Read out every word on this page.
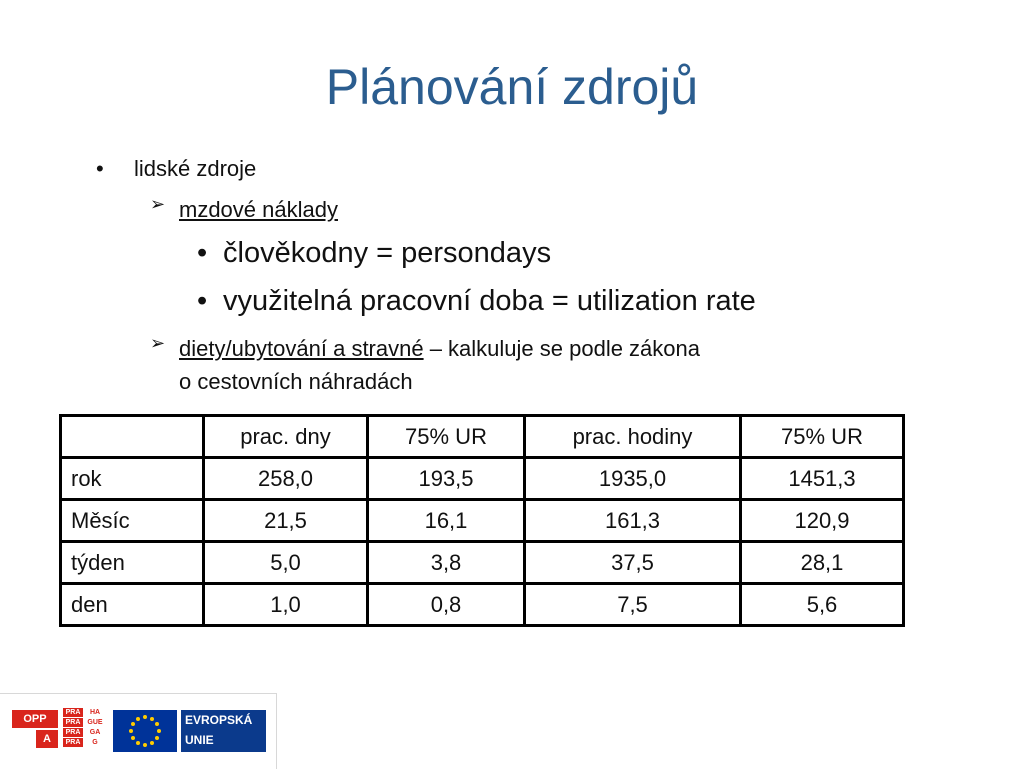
Plánování zdrojů
• lidské zdroje
➢ mzdové náklady
• člověkodny = persondays
• využitelná pracovní doba = utilization rate
➢ diety/ubytování a stravné – kalkuluje se podle zákona
o cestovních náhradách
	prac. dny	75% UR	prac. hodiny	75% UR
rok	258,0	193,5	1935,0	1451,3
Měsíc	21,5	16,1	161,3	120,9
týden	5,0	3,8	37,5	28,1
den	1,0	0,8	7,5	5,6
OPP
A
PRA	HA
PRA	GUE
PRA	GA
PRA	G
EVROPSKÁ
UNIE
